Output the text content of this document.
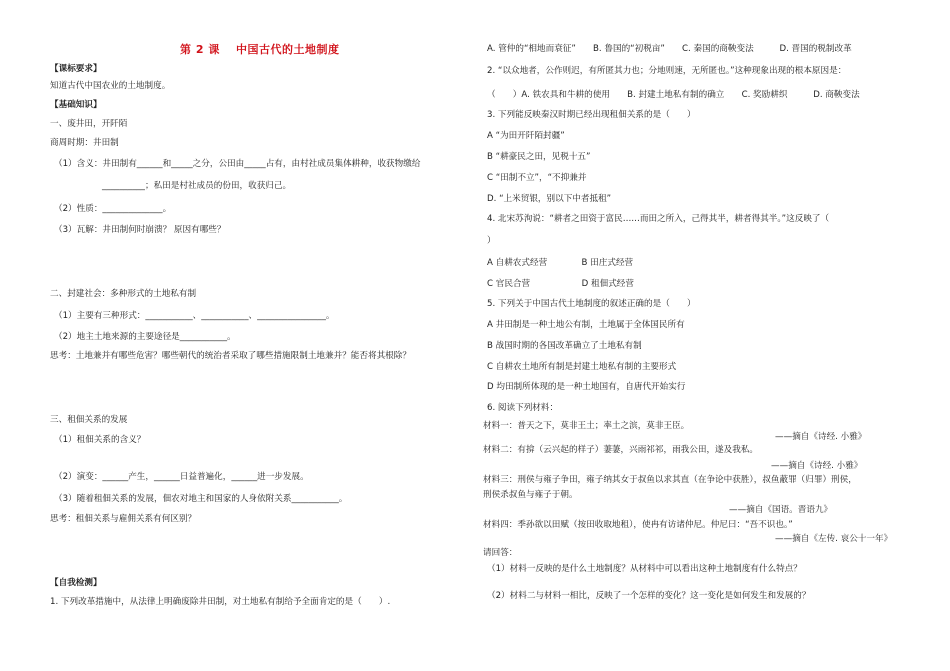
第 2 课 中国古代的土地制度
【课标要求】
知道古代中国农业的土地制度。
【基础知识】
一、废井田，开阡陌
商周时期：井田制
（1）含义：井田制有______和_____之分，公田由_____占有，由村社成员集体耕种，收获物缴给
__________；私田是村社成员的份田，收获归己。
（2）性质：______________。
（3）瓦解：井田制何时崩溃？ 原因有哪些？
二、封建社会：多种形式的土地私有制
（1）主要有三种形式：___________、___________、________________。
（2）地主土地来源的主要途径是___________。
思考：土地兼并有哪些危害？哪些朝代的统治者采取了哪些措施限制土地兼并？能否将其根除？
三、租佃关系的发展
（1）租佃关系的含义？
（2）演变：______产生，______日益普遍化，______进一步发展。
（3）随着租佃关系的发展，佃农对地主和国家的人身依附关系___________。
思考：租佃关系与雇佣关系有何区别？
【自我检测】
1. 下列改革措施中，从法律上明确废除井田制，对土地私有制给予全面肯定的是（　　）.
A. 管仲的“相地而衰征”　　B. 鲁国的“初税亩”　　C. 秦国的商鞅变法　　　D. 晋国的税制改革
2. “以众地者，公作则迟，有所匿其力也；分地则速，无所匿也。”这种现象出现的根本原因是：
（　　）A. 铁农具和牛耕的使用　　B. 封建土地私有制的确立　　C. 奖励耕织　　　D. 商鞅变法
3. 下列能反映秦汉时期已经出现租佃关系的是（　　）
A “为田开阡陌封疆”
B “耕豪民之田，见税十五”
C “田制不立”，“不抑兼并
D. “上米贸银，别以下中者抵租”
4. 北宋苏洵说：“耕者之田资于富民……而田之所入，己得其半，耕者得其半。”这反映了（
）
A 自耕农式经营　　　　B 田庄式经营
C 官民合营　　　　　　D 租佃式经营
5. 下列关于中国古代土地制度的叙述正确的是（　　）
A 井田制是一种土地公有制，土地属于全体国民所有
B 战国时期的各国改革确立了土地私有制
C 自耕农土地所有制是封建土地私有制的主要形式
D 均田制所体现的是一种土地国有，自唐代开始实行
6. 阅读下列材料：
材料一：普天之下，莫非王土；率土之滨，莫非王臣。
——摘自《诗经. 小雅》
材料二：有揜（云兴起的样子）萋萋，兴雨祁祁，雨我公田，遂及我私。
——摘自《诗经. 小雅》
材料三：刑侯与雍子争田，雍子纳其女于叔鱼以求其直（在争论中获胜），叔鱼蔽罪（归罪）刑侯，
刑侯杀叔鱼与雍子于朝。
——摘自《国语。晋语九》
材料四：季孙欲以田赋（按田收取地租），使冉有访诸仲尼。仲尼曰：“吾不识也。”
——摘自《左传. 哀公十一年》
请回答：
（1）材料一反映的是什么土地制度？从材料中可以看出这种土地制度有什么特点？
（2）材料二与材料一相比，反映了一个怎样的变化？这一变化是如何发生和发展的？
